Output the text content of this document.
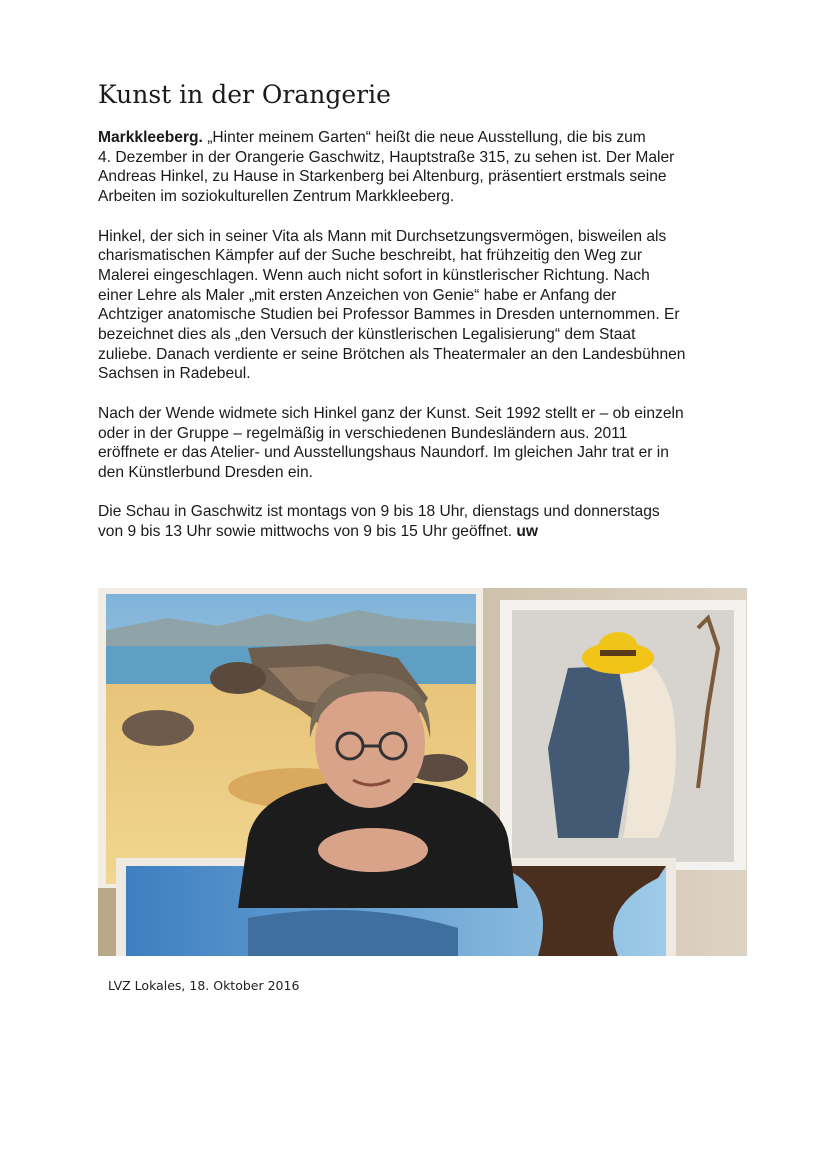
Kunst in der Orangerie

Markkleeberg. „Hinter meinem Garten“ heißt die neue Ausstellung, die bis zum
4. Dezember in der Orangerie Gaschwitz, Hauptstraße 315, zu sehen ist. Der Maler
Andreas Hinkel, zu Hause in Starkenberg bei Altenburg, präsentiert erstmals seine
Arbeiten im soziokulturellen Zentrum Markkleeberg.

Hinkel, der sich in seiner Vita als Mann mit Durchsetzungsvermögen, bisweilen als
charismatischen Kämpfer auf der Suche beschreibt, hat frühzeitig den Weg zur
Malerei eingeschlagen. Wenn auch nicht sofort in künstlerischer Richtung. Nach
einer Lehre als Maler „mit ersten Anzeichen von Genie“ habe er Anfang der
Achtziger anatomische Studien bei Professor Bammes in Dresden unternommen. Er
bezeichnet dies als „den Versuch der künstlerischen Legalisierung“ dem Staat
zuliebe. Danach verdiente er seine Brötchen als Theatermaler an den Landesbühnen
Sachsen in Radebeul.

Nach der Wende widmete sich Hinkel ganz der Kunst. Seit 1992 stellt er – ob einzeln
oder in der Gruppe – regelmäßig in verschiedenen Bundesländern aus. 2011
eröffnete er das Atelier- und Ausstellungshaus Naundorf. Im gleichen Jahr trat er in
den Künstlerbund Dresden ein.

Die Schau in Gaschwitz ist montags von 9 bis 18 Uhr, dienstags und donnerstags
von 9 bis 13 Uhr sowie mittwochs von 9 bis 15 Uhr geöffnet. uw

LVZ Lokales, 18. Oktober 2016
